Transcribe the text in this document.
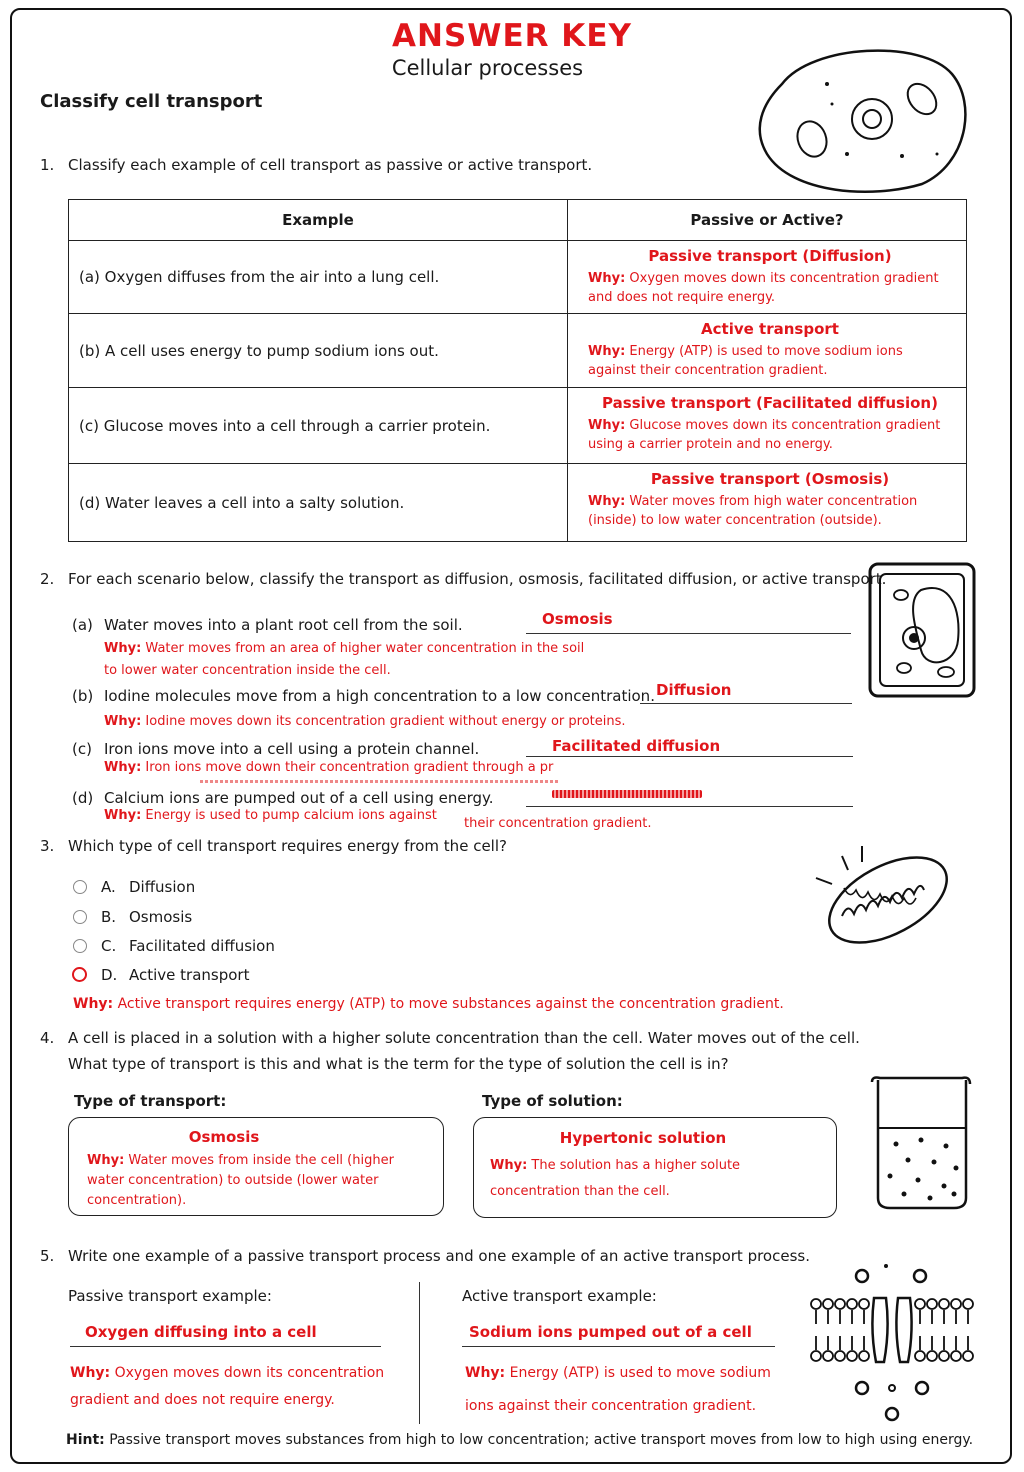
ANSWER KEY
Cellular processes
Classify cell transport
1. Classify each example of cell transport as passive or active transport.
Example	Passive or Active?
(a) Oxygen diffuses from the air into a lung cell.	Passive transport (Diffusion)
Why: Oxygen moves down its concentration gradient and does not require energy.

(b) A cell uses energy to pump sodium ions out.	Active transport
Why: Energy (ATP) is used to move sodium ions against their concentration gradient.

(c) Glucose moves into a cell through a carrier protein.	Passive transport (Facilitated diffusion)
Why: Glucose moves down its concentration gradient using a carrier protein and no energy.

(d) Water leaves a cell into a salty solution.	Passive transport (Osmosis)
Why: Water moves from high water concentration (inside) to low water concentration (outside).
2. For each scenario below, classify the transport as diffusion, osmosis, facilitated diffusion, or active transport.
(a) Water moves into a plant root cell from the soil.	Osmosis
Why: Water moves from an area of higher water concentration in the soil
to lower water concentration inside the cell.
(b) Iodine molecules move from a high concentration to a low concentration. Diffusion
Why: Iodine moves down its concentration gradient without energy or proteins.
(c) Iron ions move into a cell using a protein channel.	Facilitated diffusion
Why: Iron ions move down their concentration gradient through a pr
(d) Calcium ions are pumped out of a cell using energy.
Why: Energy is used to pump calcium ions against
their concentration gradient.
3. Which type of cell transport requires energy from the cell?
A. Diffusion
B. Osmosis
C. Facilitated diffusion
D. Active transport
Why: Active transport requires energy (ATP) to move substances against the concentration gradient.
4. A cell is placed in a solution with a higher solute concentration than the cell. Water moves out of the cell.
What type of transport is this and what is the term for the type of solution the cell is in?
Type of transport:	Type of solution:
Osmosis
Why: Water moves from inside the cell (higher
water concentration) to outside (lower water
concentration).
Hypertonic solution
Why: The solution has a higher solute
concentration than the cell.
5. Write one example of a passive transport process and one example of an active transport process.
Passive transport example:	Active transport example:
Oxygen diffusing into a cell	Sodium ions pumped out of a cell
Why: Oxygen moves down its concentration
gradient and does not require energy.
Why: Energy (ATP) is used to move sodium
ions against their concentration gradient.
Hint: Passive transport moves substances from high to low concentration; active transport moves from low to high using energy.
